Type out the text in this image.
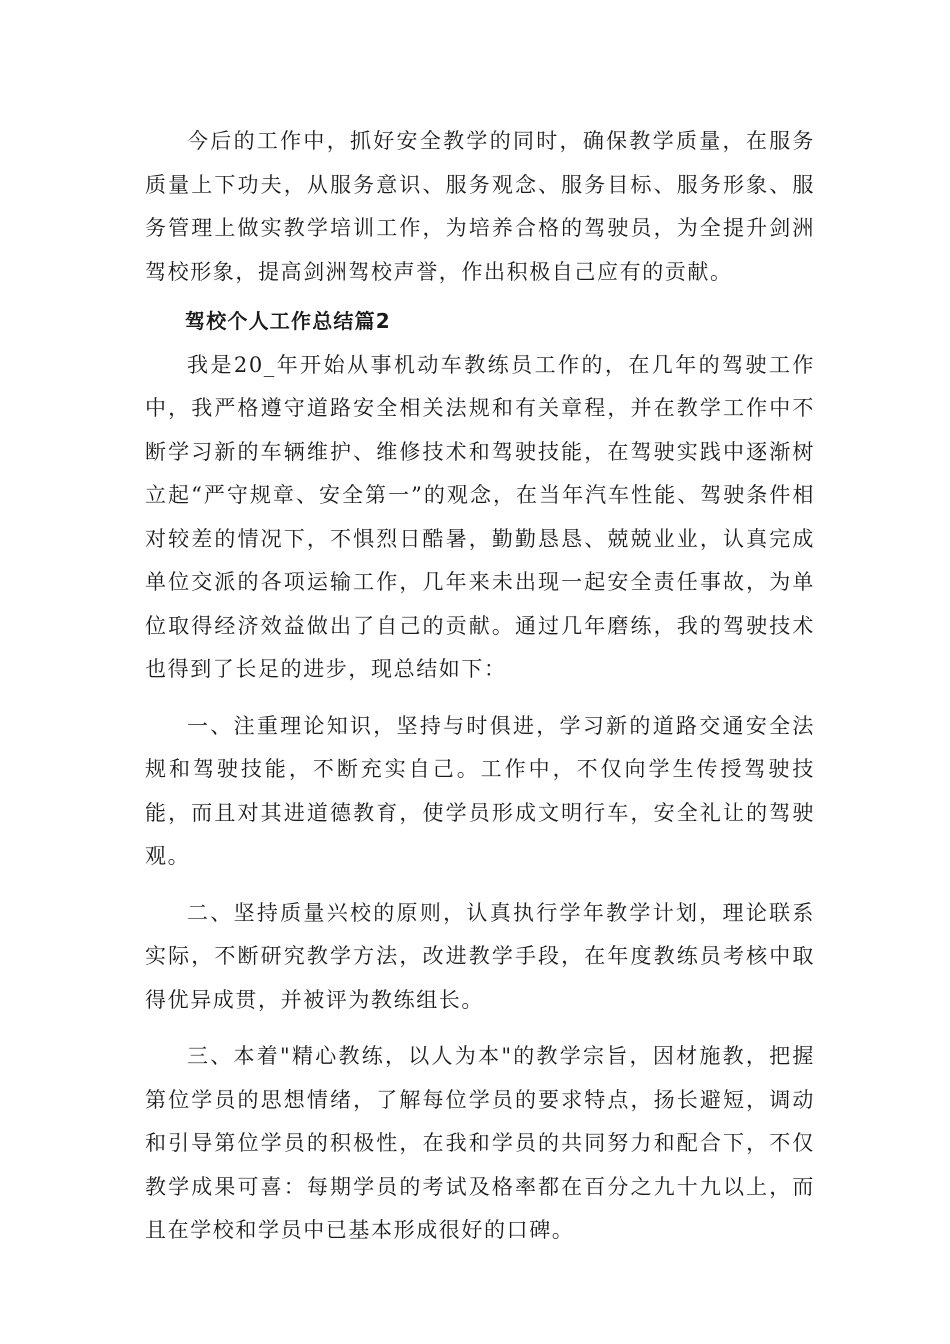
今后的工作中，抓好安全教学的同时，确保教学质量，在服务质量上下功夫，从服务意识、服务观念、服务目标、服务形象、服务管理上做实教学培训工作，为培养合格的驾驶员，为全提升剑洲驾校形象，提高剑洲驾校声誉，作出积极自己应有的贡献。

驾校个人工作总结篇2

我是20_年开始从事机动车教练员工作的，在几年的驾驶工作中，我严格遵守道路安全相关法规和有关章程，并在教学工作中不断学习新的车辆维护、维修技术和驾驶技能，在驾驶实践中逐渐树立起“严守规章、安全第一”的观念，在当年汽车性能、驾驶条件相对较差的情况下，不惧烈日酷暑，勤勤恳恳、兢兢业业，认真完成单位交派的各项运输工作，几年来未出现一起安全责任事故，为单位取得经济效益做出了自己的贡献。通过几年磨练，我的驾驶技术也得到了长足的进步，现总结如下：

一、注重理论知识，坚持与时俱进，学习新的道路交通安全法规和驾驶技能，不断充实自己。工作中，不仅向学生传授驾驶技能，而且对其进道德教育，使学员形成文明行车，安全礼让的驾驶观。

二、坚持质量兴校的原则，认真执行学年教学计划，理论联系实际，不断研究教学方法，改进教学手段，在年度教练员考核中取得优异成贯，并被评为教练组长。

三、本着"精心教练，以人为本"的教学宗旨，因材施教，把握第位学员的思想情绪，了解每位学员的要求特点，扬长避短，调动和引导第位学员的积极性，在我和学员的共同努力和配合下，不仅教学成果可喜：每期学员的考试及格率都在百分之九十九以上，而且在学校和学员中已基本形成很好的口碑。
